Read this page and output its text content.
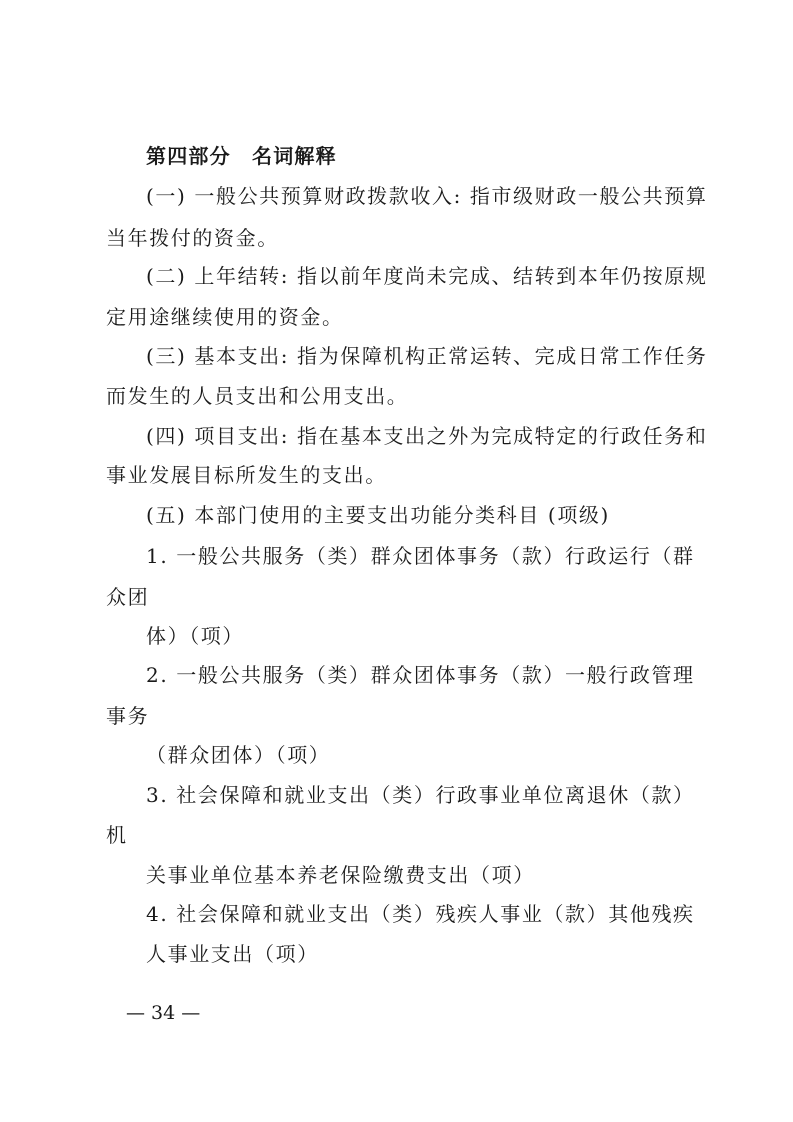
第四部分　名词解释
(一) 一般公共预算财政拨款收入: 指市级财政一般公共预算
当年拨付的资金。
(二) 上年结转: 指以前年度尚未完成、结转到本年仍按原规
定用途继续使用的资金。
(三) 基本支出: 指为保障机构正常运转、完成日常工作任务
而发生的人员支出和公用支出。
(四) 项目支出: 指在基本支出之外为完成特定的行政任务和
事业发展目标所发生的支出。
(五) 本部门使用的主要支出功能分类科目 (项级)
1. 一般公共服务（类）群众团体事务（款）行政运行（群
众团
体）（项）
2. 一般公共服务（类）群众团体事务（款）一般行政管理
事务
（群众团体）（项）
3. 社会保障和就业支出（类）行政事业单位离退休（款）
机
关事业单位基本养老保险缴费支出（项）
4. 社会保障和就业支出（类）残疾人事业（款）其他残疾
人事业支出（项）
— 34 —
